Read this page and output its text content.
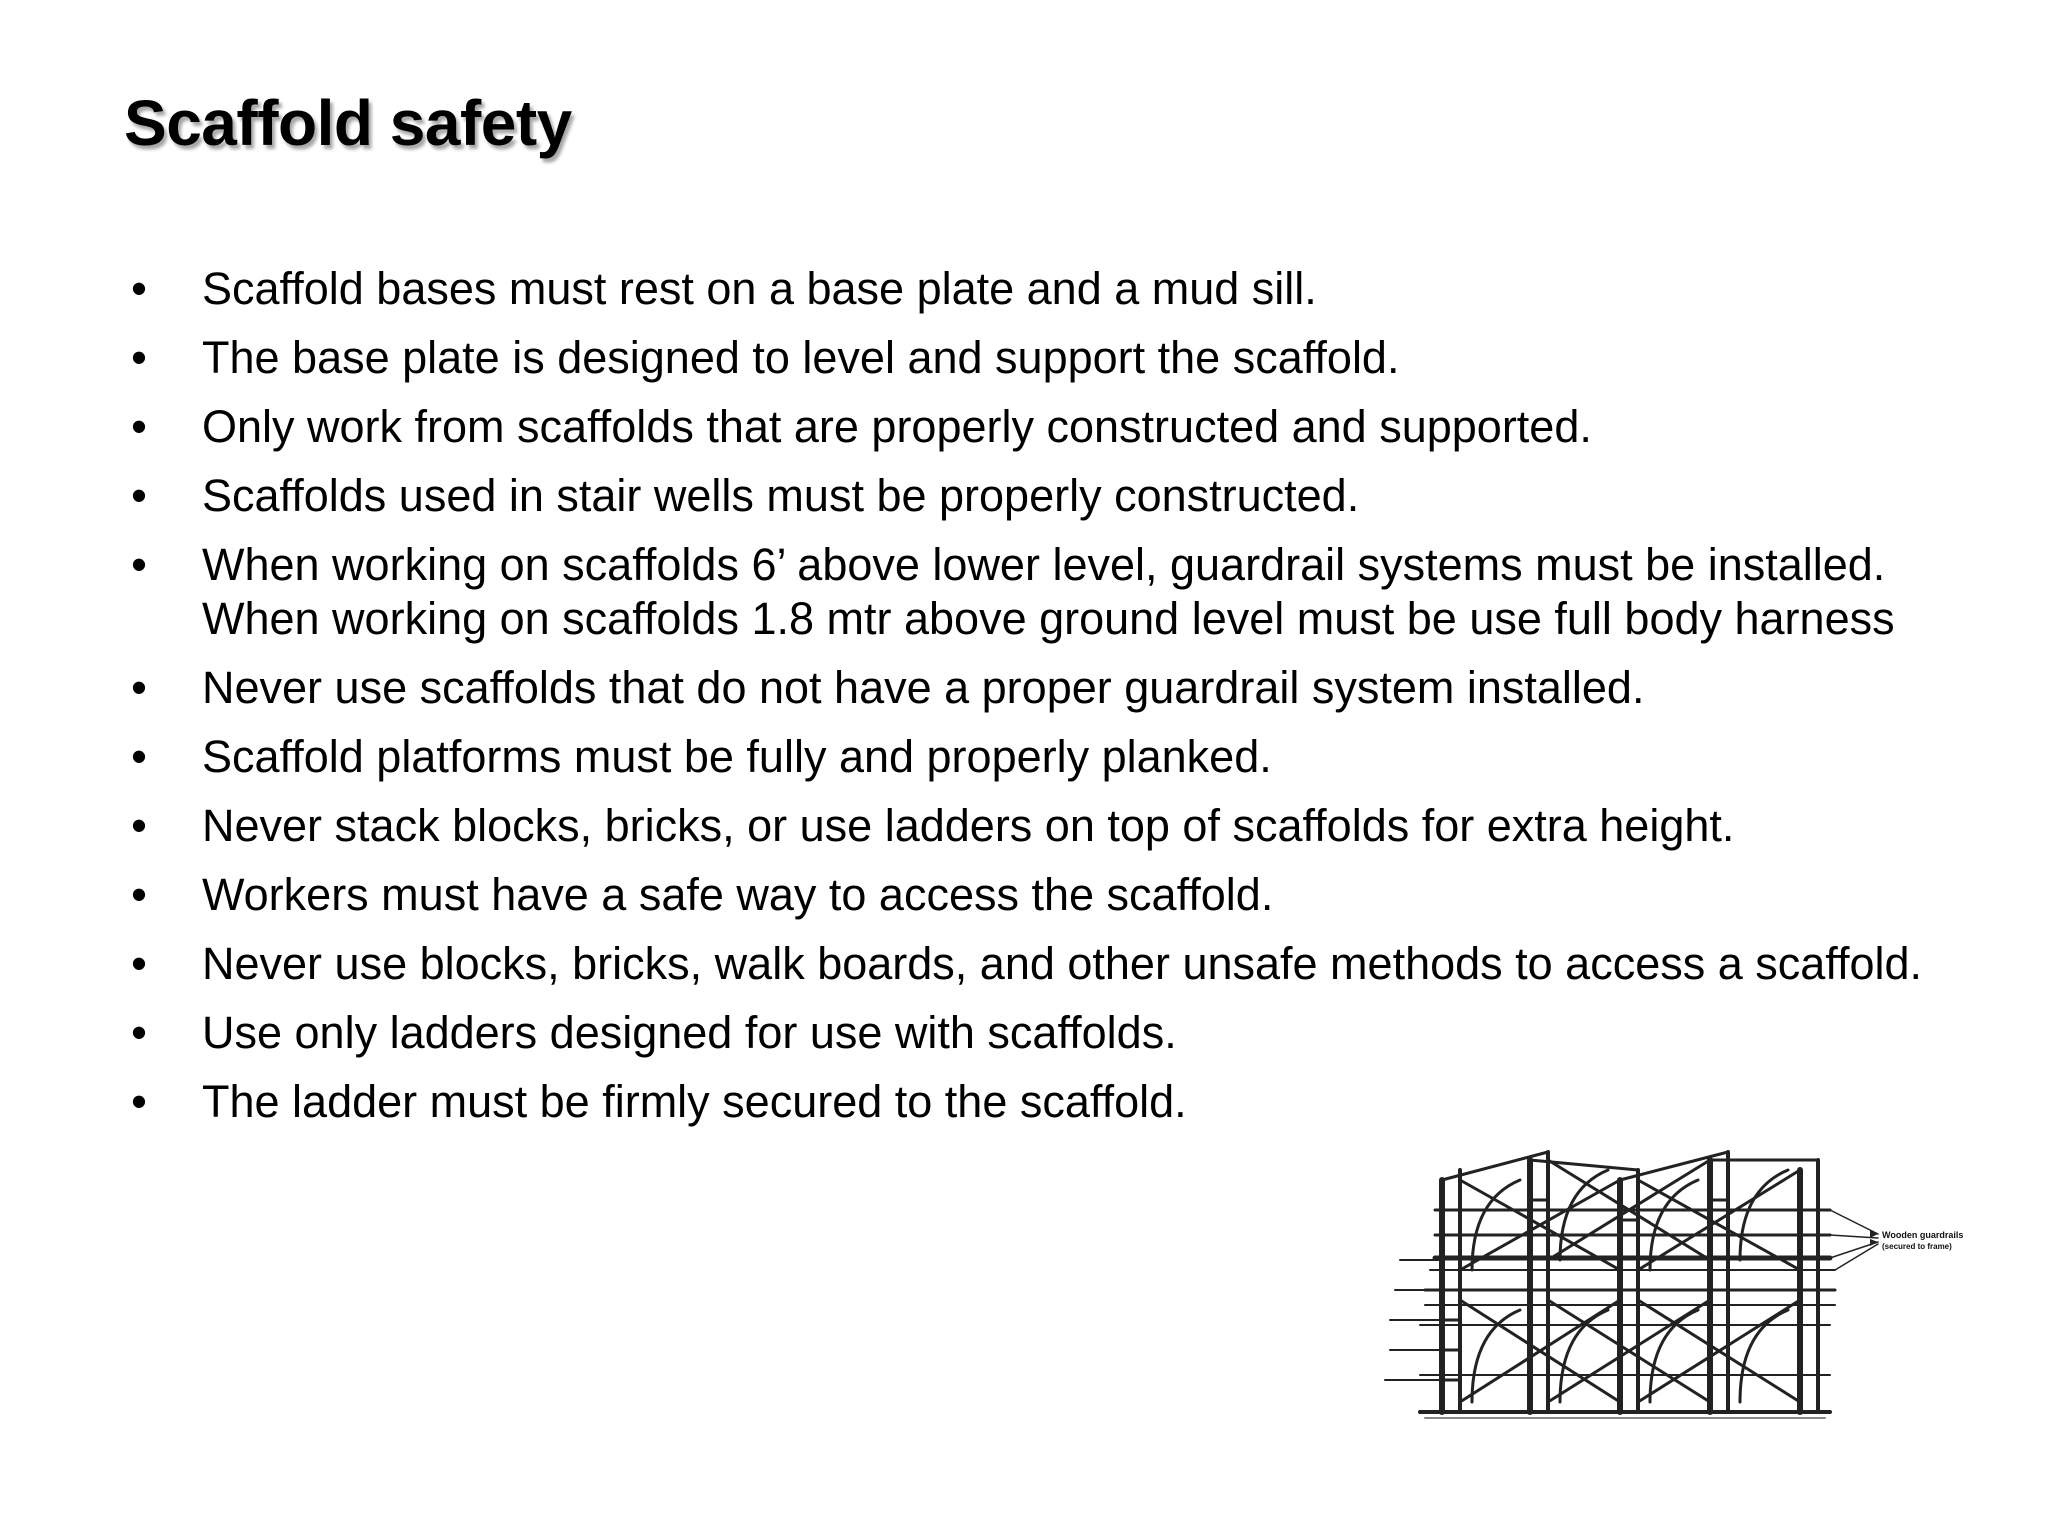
Scaffold safety
• Scaffold bases must rest on a base plate and a mud sill.
• The base plate is designed to level and support the scaffold.
• Only work from scaffolds that are properly constructed and supported.
• Scaffolds used in stair wells must be properly constructed.
• When working on scaffolds 6’ above lower level, guardrail systems must be installed. When working on scaffolds 1.8 mtr above ground level must be use full body harness
• Never use scaffolds that do not have a proper guardrail system installed.
• Scaffold platforms must be fully and properly planked.
• Never stack blocks, bricks, or use ladders on top of scaffolds for extra height.
• Workers must have a safe way to access the scaffold.
• Never use blocks, bricks, walk boards, and other unsafe methods to access a scaffold.
• Use only ladders designed for use with scaffolds.
• The ladder must be firmly secured to the scaffold.
Wooden guardrails
(secured to frame)
